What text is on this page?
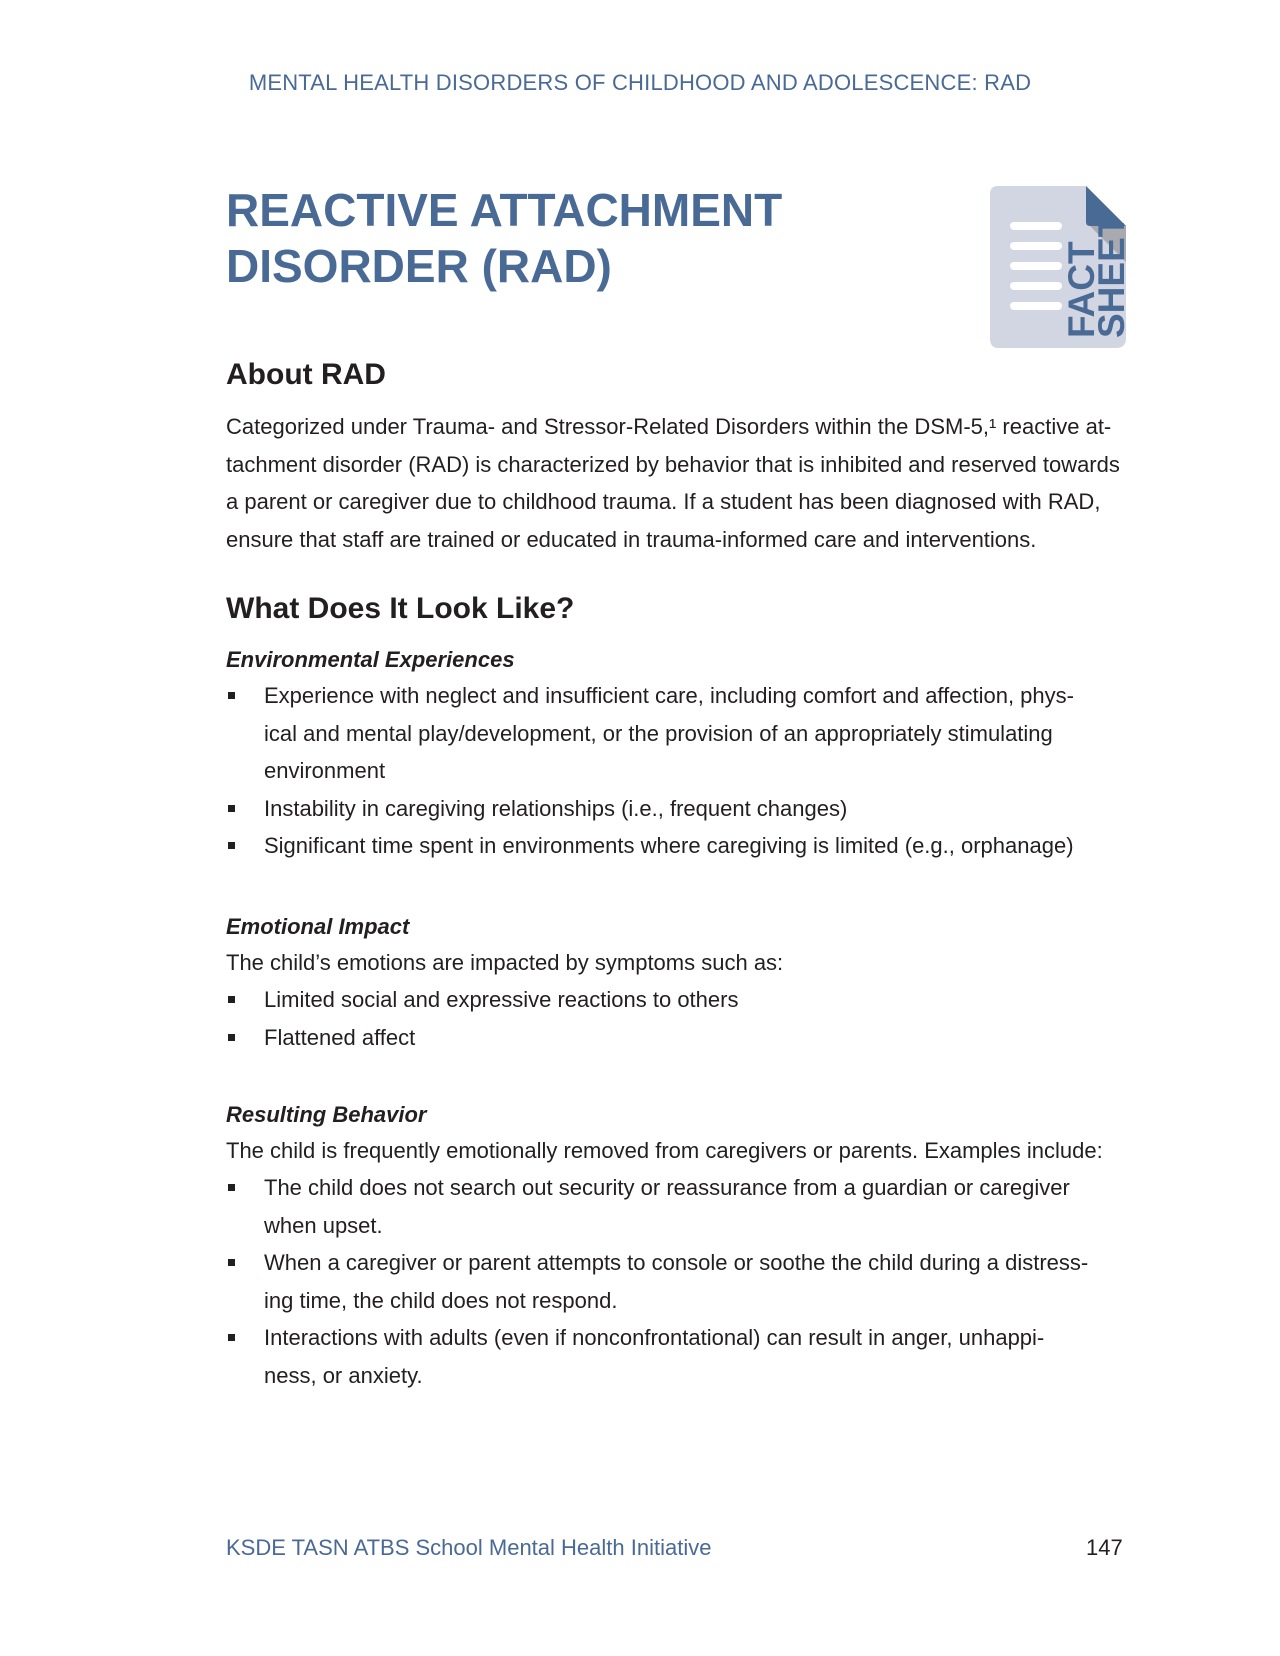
MENTAL HEALTH DISORDERS OF CHILDHOOD AND ADOLESCENCE: RAD
REACTIVE ATTACHMENT
DISORDER (RAD)	FACT
SHEET
About RAD
Categorized under Trauma- and Stressor-Related Disorders within the DSM-5,¹ reactive at-
tachment disorder (RAD) is characterized by behavior that is inhibited and reserved towards
a parent or caregiver due to childhood trauma. If a student has been diagnosed with RAD,
ensure that staff are trained or educated in trauma-informed care and interventions.
What Does It Look Like?
Environmental Experiences
Experience with neglect and insufficient care, including comfort and affection, phys-
ical and mental play/development, or the provision of an appropriately stimulating
environment
Instability in caregiving relationships (i.e., frequent changes)
Significant time spent in environments where caregiving is limited (e.g., orphanage)
Emotional Impact
The child’s emotions are impacted by symptoms such as:
Limited social and expressive reactions to others
Flattened affect
Resulting Behavior
The child is frequently emotionally removed from caregivers or parents. Examples include:
The child does not search out security or reassurance from a guardian or caregiver
when upset.
When a caregiver or parent attempts to console or soothe the child during a distress-
ing time, the child does not respond.
Interactions with adults (even if nonconfrontational) can result in anger, unhappi-
ness, or anxiety.
KSDE TASN ATBS School Mental Health Initiative	147
